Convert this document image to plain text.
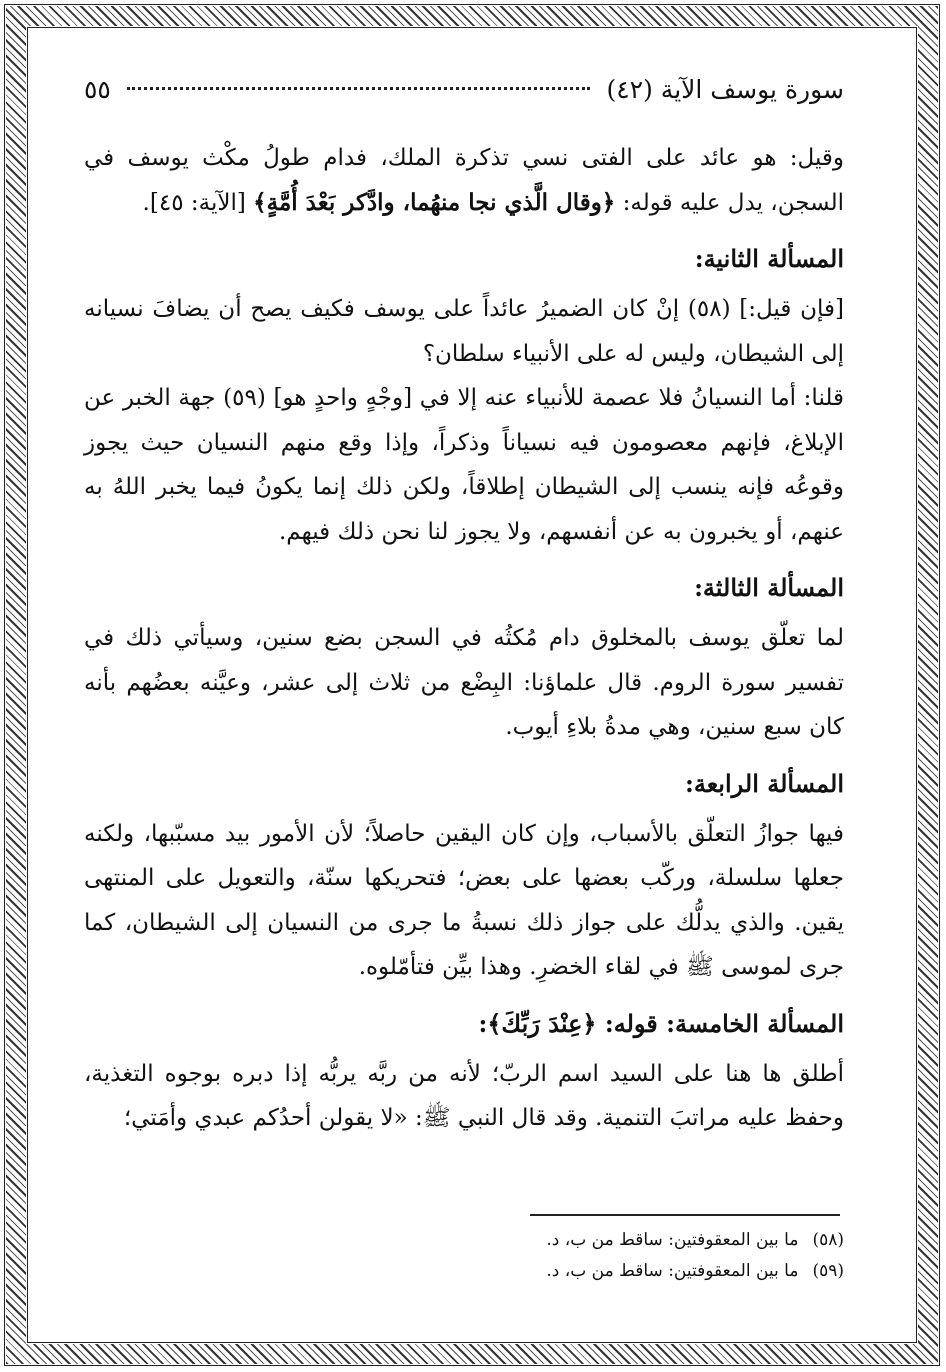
سورة يوسف الآية (٤٢)
٥٥

وقيل: هو عائد على الفتى نسي تذكرة الملك، فدام طولُ مكْث يوسف في السجن، يدل عليه قوله: ﴿وقال الَّذي نجا منهُما، وادَّكر بَعْدَ أُمَّةٍ﴾ [الآية: ٤٥].

المسألة الثانية:

[فإن قيل:] (٥٨) إنْ كان الضميرُ عائداً على يوسف فكيف يصح أن يضافَ نسيانه إلى الشيطان، وليس له على الأنبياء سلطان؟

قلنا: أما النسيانُ فلا عصمة للأنبياء عنه إلا في [وجْهٍ واحدٍ هو] (٥٩) جهة الخبر عن الإبلاغ، فإنهم معصومون فيه نسياناً وذكراً، وإذا وقع منهم النسيان حيث يجوز وقوعُه فإنه ينسب إلى الشيطان إطلاقاً، ولكن ذلك إنما يكونُ فيما يخبر اللهُ به عنهم، أو يخبرون به عن أنفسهم، ولا يجوز لنا نحن ذلك فيهم.

المسألة الثالثة:

لما تعلّق يوسف بالمخلوق دام مُكثُه في السجن بضع سنين، وسيأتي ذلك في تفسير سورة الروم. قال علماؤنا: البِضْع من ثلاث إلى عشر، وعيَّنه بعضُهم بأنه كان سبع سنين، وهي مدةُ بلاءِ أيوب.

المسألة الرابعة:

فيها جوازُ التعلّق بالأسباب، وإن كان اليقين حاصلاً؛ لأن الأمور بيد مسبّبها، ولكنه جعلها سلسلة، وركّب بعضها على بعض؛ فتحريكها سنّة، والتعويل على المنتهى يقين. والذي يدلُّك على جواز ذلك نسبةُ ما جرى من النسيان إلى الشيطان، كما جرى لموسى ﷺ في لقاء الخضرِ. وهذا بيِّن فتأمّلوه.

المسألة الخامسة: قوله: ﴿عِنْدَ رَبِّكَ﴾:

أطلق ها هنا على السيد اسم الربّ؛ لأنه من ربَّه يربُّه إذا دبره بوجوه التغذية، وحفظ عليه مراتبَ التنمية. وقد قال النبي ﷺ: «لا يقولن أحدُكم عبدي وأمَتي؛

(٥٨)
ما بين المعقوفتين: ساقط من ب، د.
(٥٩)
ما بين المعقوفتين: ساقط من ب، د.
